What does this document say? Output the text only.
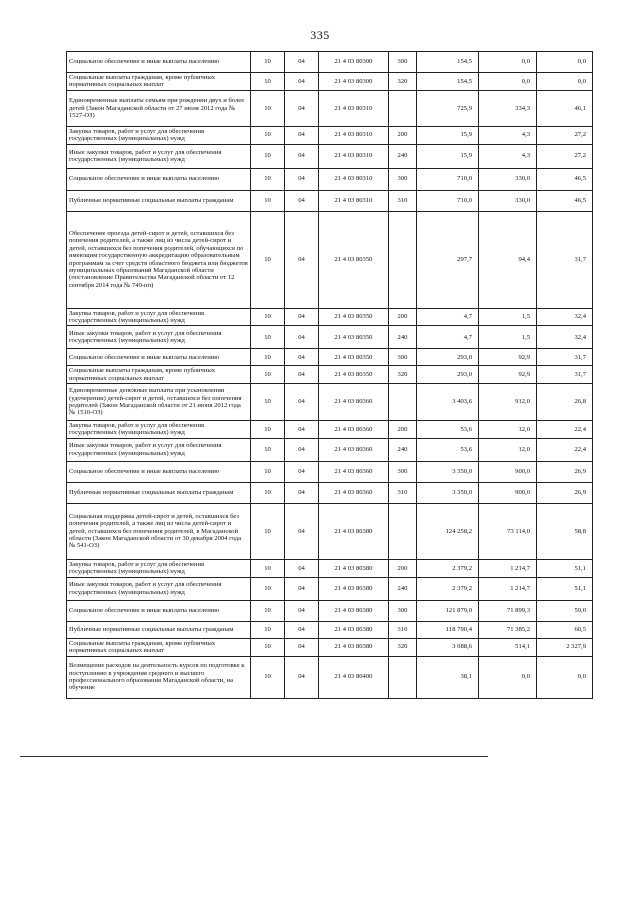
335
Социальное обеспечение и иные выплаты населению	10	04	21 4 03 80300	300	154,5	0,0	0,0
Социальные выплаты гражданам, кроме публичных нормативных социальных выплат	10	04	21 4 03 80300	320	154,5	0,0	0,0
Единовременные выплаты семьям при рождении двух и более детей (Закон Магаданской области от 27 июля 2012 года № 1527-ОЗ)	10	04	21 4 03 80310		725,9	334,3	46,1
Закупка товаров, работ и услуг для обеспечения государственных (муниципальных) нужд	10	04	21 4 03 80310	200	15,9	4,3	27,2
Иные закупки товаров, работ и услуг для обеспечения государственных (муниципальных) нужд	10	04	21 4 03 80310	240	15,9	4,3	27,2
Социальное обеспечение и иные выплаты населению	10	04	21 4 03 80310	300	710,0	330,0	46,5
Публичные нормативные социальные выплаты гражданам	10	04	21 4 03 80310	310	710,0	330,0	46,5
Обеспечение проезда детей-сирот и детей, оставшихся без попечения родителей, а также лиц из числа детей-сирот и детей, оставшихся без попечения родителей, обучающихся по имеющим государственную аккредитацию образовательным программам за счет средств областного бюджета или бюджетов муниципальных образований Магаданской области (постановление Правительства Магаданской области от 12 сентября 2014 года № 749-пп)	10	04	21 4 03 80350		297,7	94,4	31,7
Закупка товаров, работ и услуг для обеспечения государственных (муниципальных) нужд	10	04	21 4 03 80350	200	4,7	1,5	32,4
Иные закупки товаров, работ и услуг для обеспечения государственных (муниципальных) нужд	10	04	21 4 03 80350	240	4,7	1,5	32,4
Социальное обеспечение и иные выплаты населению	10	04	21 4 03 80350	300	293,0	92,9	31,7
Социальные выплаты гражданам, кроме публичных нормативных социальных выплат	10	04	21 4 03 80350	320	293,0	92,9	31,7
Единовременные денежные выплаты при усыновлении (удочерении) детей-сирот и детей, оставшихся без попечения родителей (Закон Магаданской области от 21 июня 2012 года № 1510-ОЗ)	10	04	21 4 03 80360		3 403,6	912,0	26,8
Закупка товаров, работ и услуг для обеспечения государственных (муниципальных) нужд	10	04	21 4 03 80360	200	53,6	12,0	22,4
Иные закупки товаров, работ и услуг для обеспечения государственных (муниципальных) нужд	10	04	21 4 03 80360	240	53,6	12,0	22,4
Социальное обеспечение и иные выплаты населению	10	04	21 4 03 80360	300	3 350,0	900,0	26,9
Публичные нормативные социальные выплаты гражданам	10	04	21 4 03 80360	310	3 350,0	900,0	26,9
Социальная поддержка детей-сирот и детей, оставшихся без попечения родителей, а также лиц из числа детей-сирот и детей, оставшихся без попечения родителей, в Магаданской области (Закон Магаданской области от 30 декабря 2004 года № 541-ОЗ)	10	04	21 4 03 80380		124 258,2	73 114,0	58,8
Закупка товаров, работ и услуг для обеспечения государственных (муниципальных) нужд	10	04	21 4 03 80380	200	2 379,2	1 214,7	51,1
Иные закупки товаров, работ и услуг для обеспечения государственных (муниципальных) нужд	10	04	21 4 03 80380	240	2 379,2	1 214,7	51,1
Социальное обеспечение и иные выплаты населению	10	04	21 4 03 80380	300	121 879,0	71 899,3	59,0
Публичные нормативные социальные выплаты гражданам	10	04	21 4 03 80380	310	118 790,4	71 385,2	60,5
Социальные выплаты гражданам, кроме публичных нормативных социальных выплат	10	04	21 4 03 80380	320	3 088,6	514,1	2 327,9
Возмещение расходов на деятельность курсов по подготовке к поступлению в учреждения среднего и высшего профессионального образования Магаданской области, на обучение	10	04	21 4 03 80400		38,1	0,0	0,0
